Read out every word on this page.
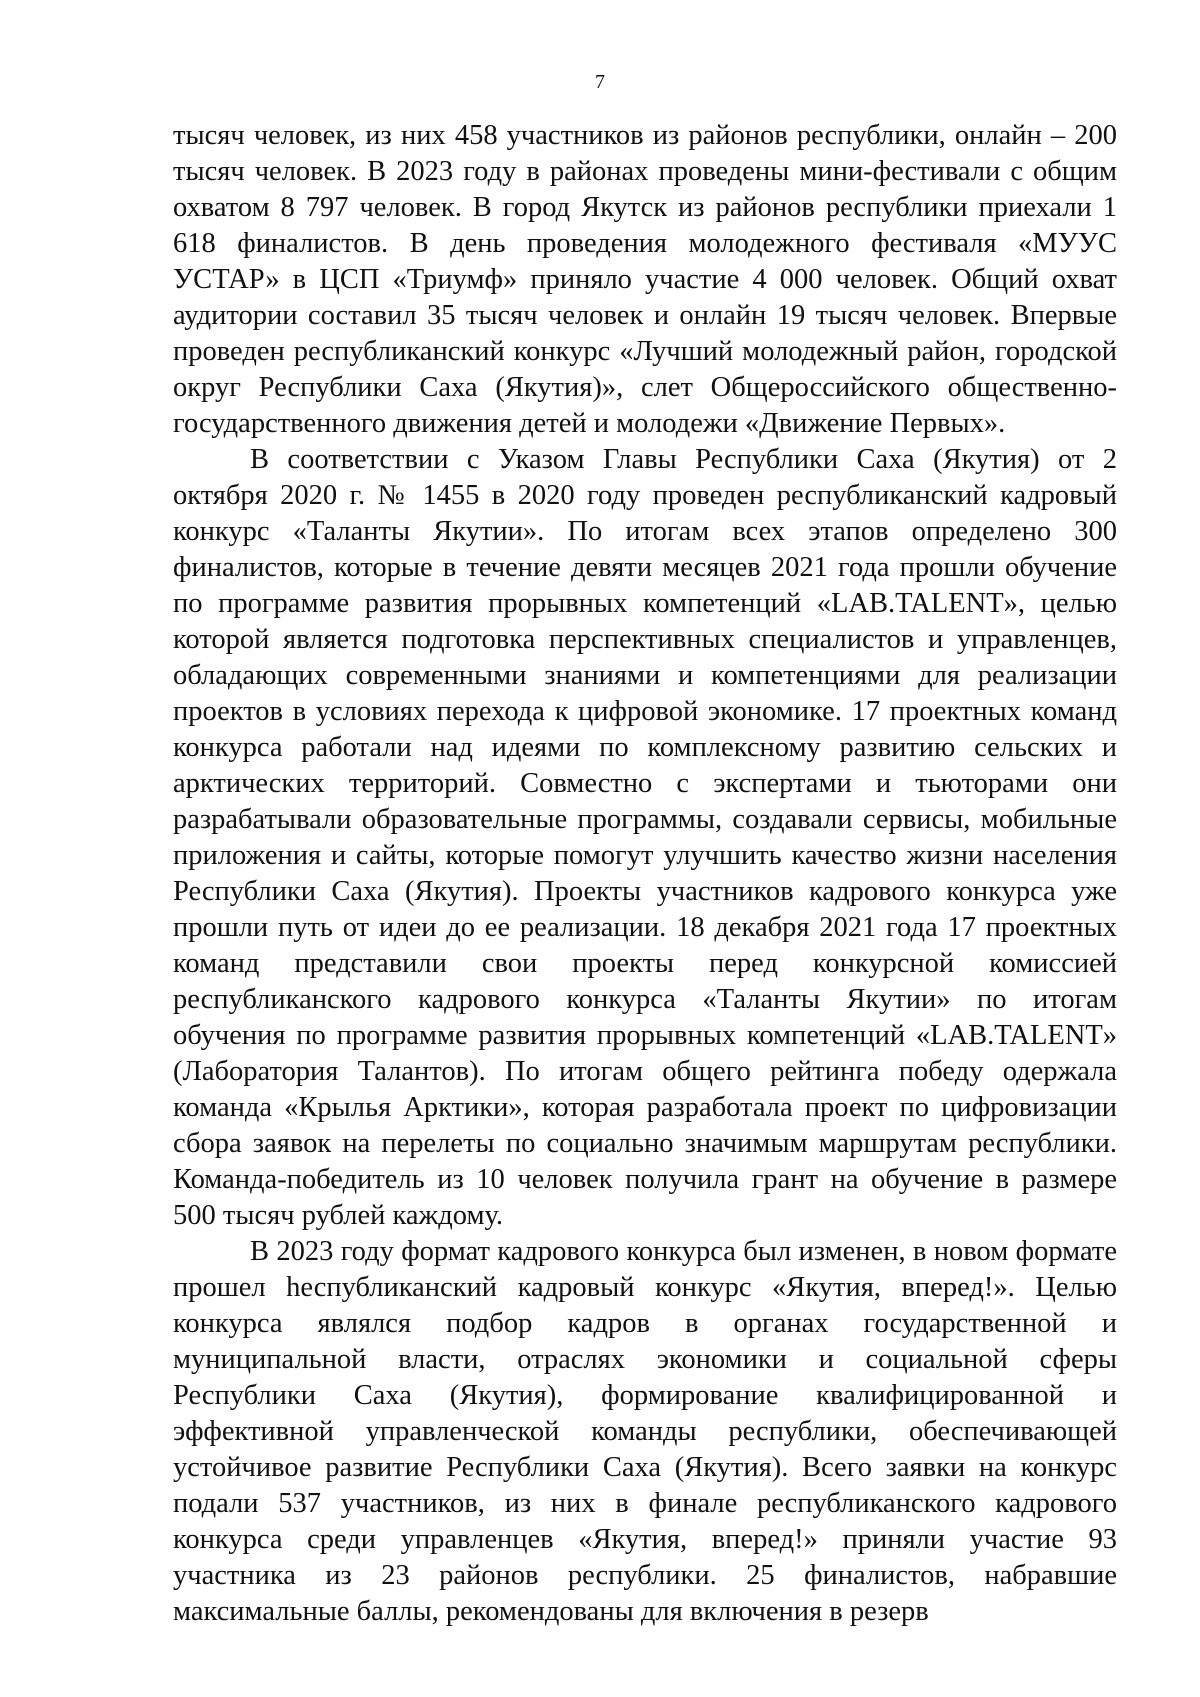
7

тысяч человек, из них 458 участников из районов республики, онлайн – 200 тысяч человек. В 2023 году в районах проведены мини-фестивали с общим охватом 8 797 человек. В город Якутск из районов республики приехали 1 618 финалистов. В день проведения молодежного фестиваля «МУУС УСТАР» в ЦСП «Триумф» приняло участие 4 000 человек. Общий охват аудитории составил 35 тысяч человек и онлайн 19 тысяч человек. Впервые проведен республиканский конкурс «Лучший молодежный район, городской округ Республики Саха (Якутия)», слет Общероссийского общественно-государственного движения детей и молодежи «Движение Первых».

В соответствии с Указом Главы Республики Саха (Якутия) от 2 октября 2020 г. № 1455 в 2020 году проведен республиканский кадровый конкурс «Таланты Якутии». По итогам всех этапов определено 300 финалистов, которые в течение девяти месяцев 2021 года прошли обучение по программе развития прорывных компетенций «LAB.TALENT», целью которой является подготовка перспективных специалистов и управленцев, обладающих современными знаниями и компетенциями для реализации проектов в условиях перехода к цифровой экономике. 17 проектных команд конкурса работали над идеями по комплексному развитию сельских и арктических территорий. Совместно с экспертами и тьюторами они разрабатывали образовательные программы, создавали сервисы, мобильные приложения и сайты, которые помогут улучшить качество жизни населения Республики Саха (Якутия). Проекты участников кадрового конкурса уже прошли путь от идеи до ее реализации. 18 декабря 2021 года 17 проектных команд представили свои проекты перед конкурсной комиссией республиканского кадрового конкурса «Таланты Якутии» по итогам обучения по программе развития прорывных компетенций «LAB.TALENT» (Лаборатория Талантов). По итогам общего рейтинга победу одержала команда «Крылья Арктики», которая разработала проект по цифровизации сбора заявок на перелеты по социально значимым маршрутам республики. Команда-победитель из 10 человек получила грант на обучение в размере 500 тысяч рублей каждому.

В 2023 году формат кадрового конкурса был изменен, в новом формате прошел һеспубликанский кадровый конкурс «Якутия, вперед!». Целью конкурса являлся подбор кадров в органах государственной и муниципальной власти, отраслях экономики и социальной сферы Республики Саха (Якутия), формирование квалифицированной и эффективной управленческой команды республики, обеспечивающей устойчивое развитие Республики Саха (Якутия). Всего заявки на конкурс подали 537 участников, из них в финале республиканского кадрового конкурса среди управленцев «Якутия, вперед!» приняли участие 93 участника из 23 районов республики. 25 финалистов, набравшие максимальные баллы, рекомендованы для включения в резерв
